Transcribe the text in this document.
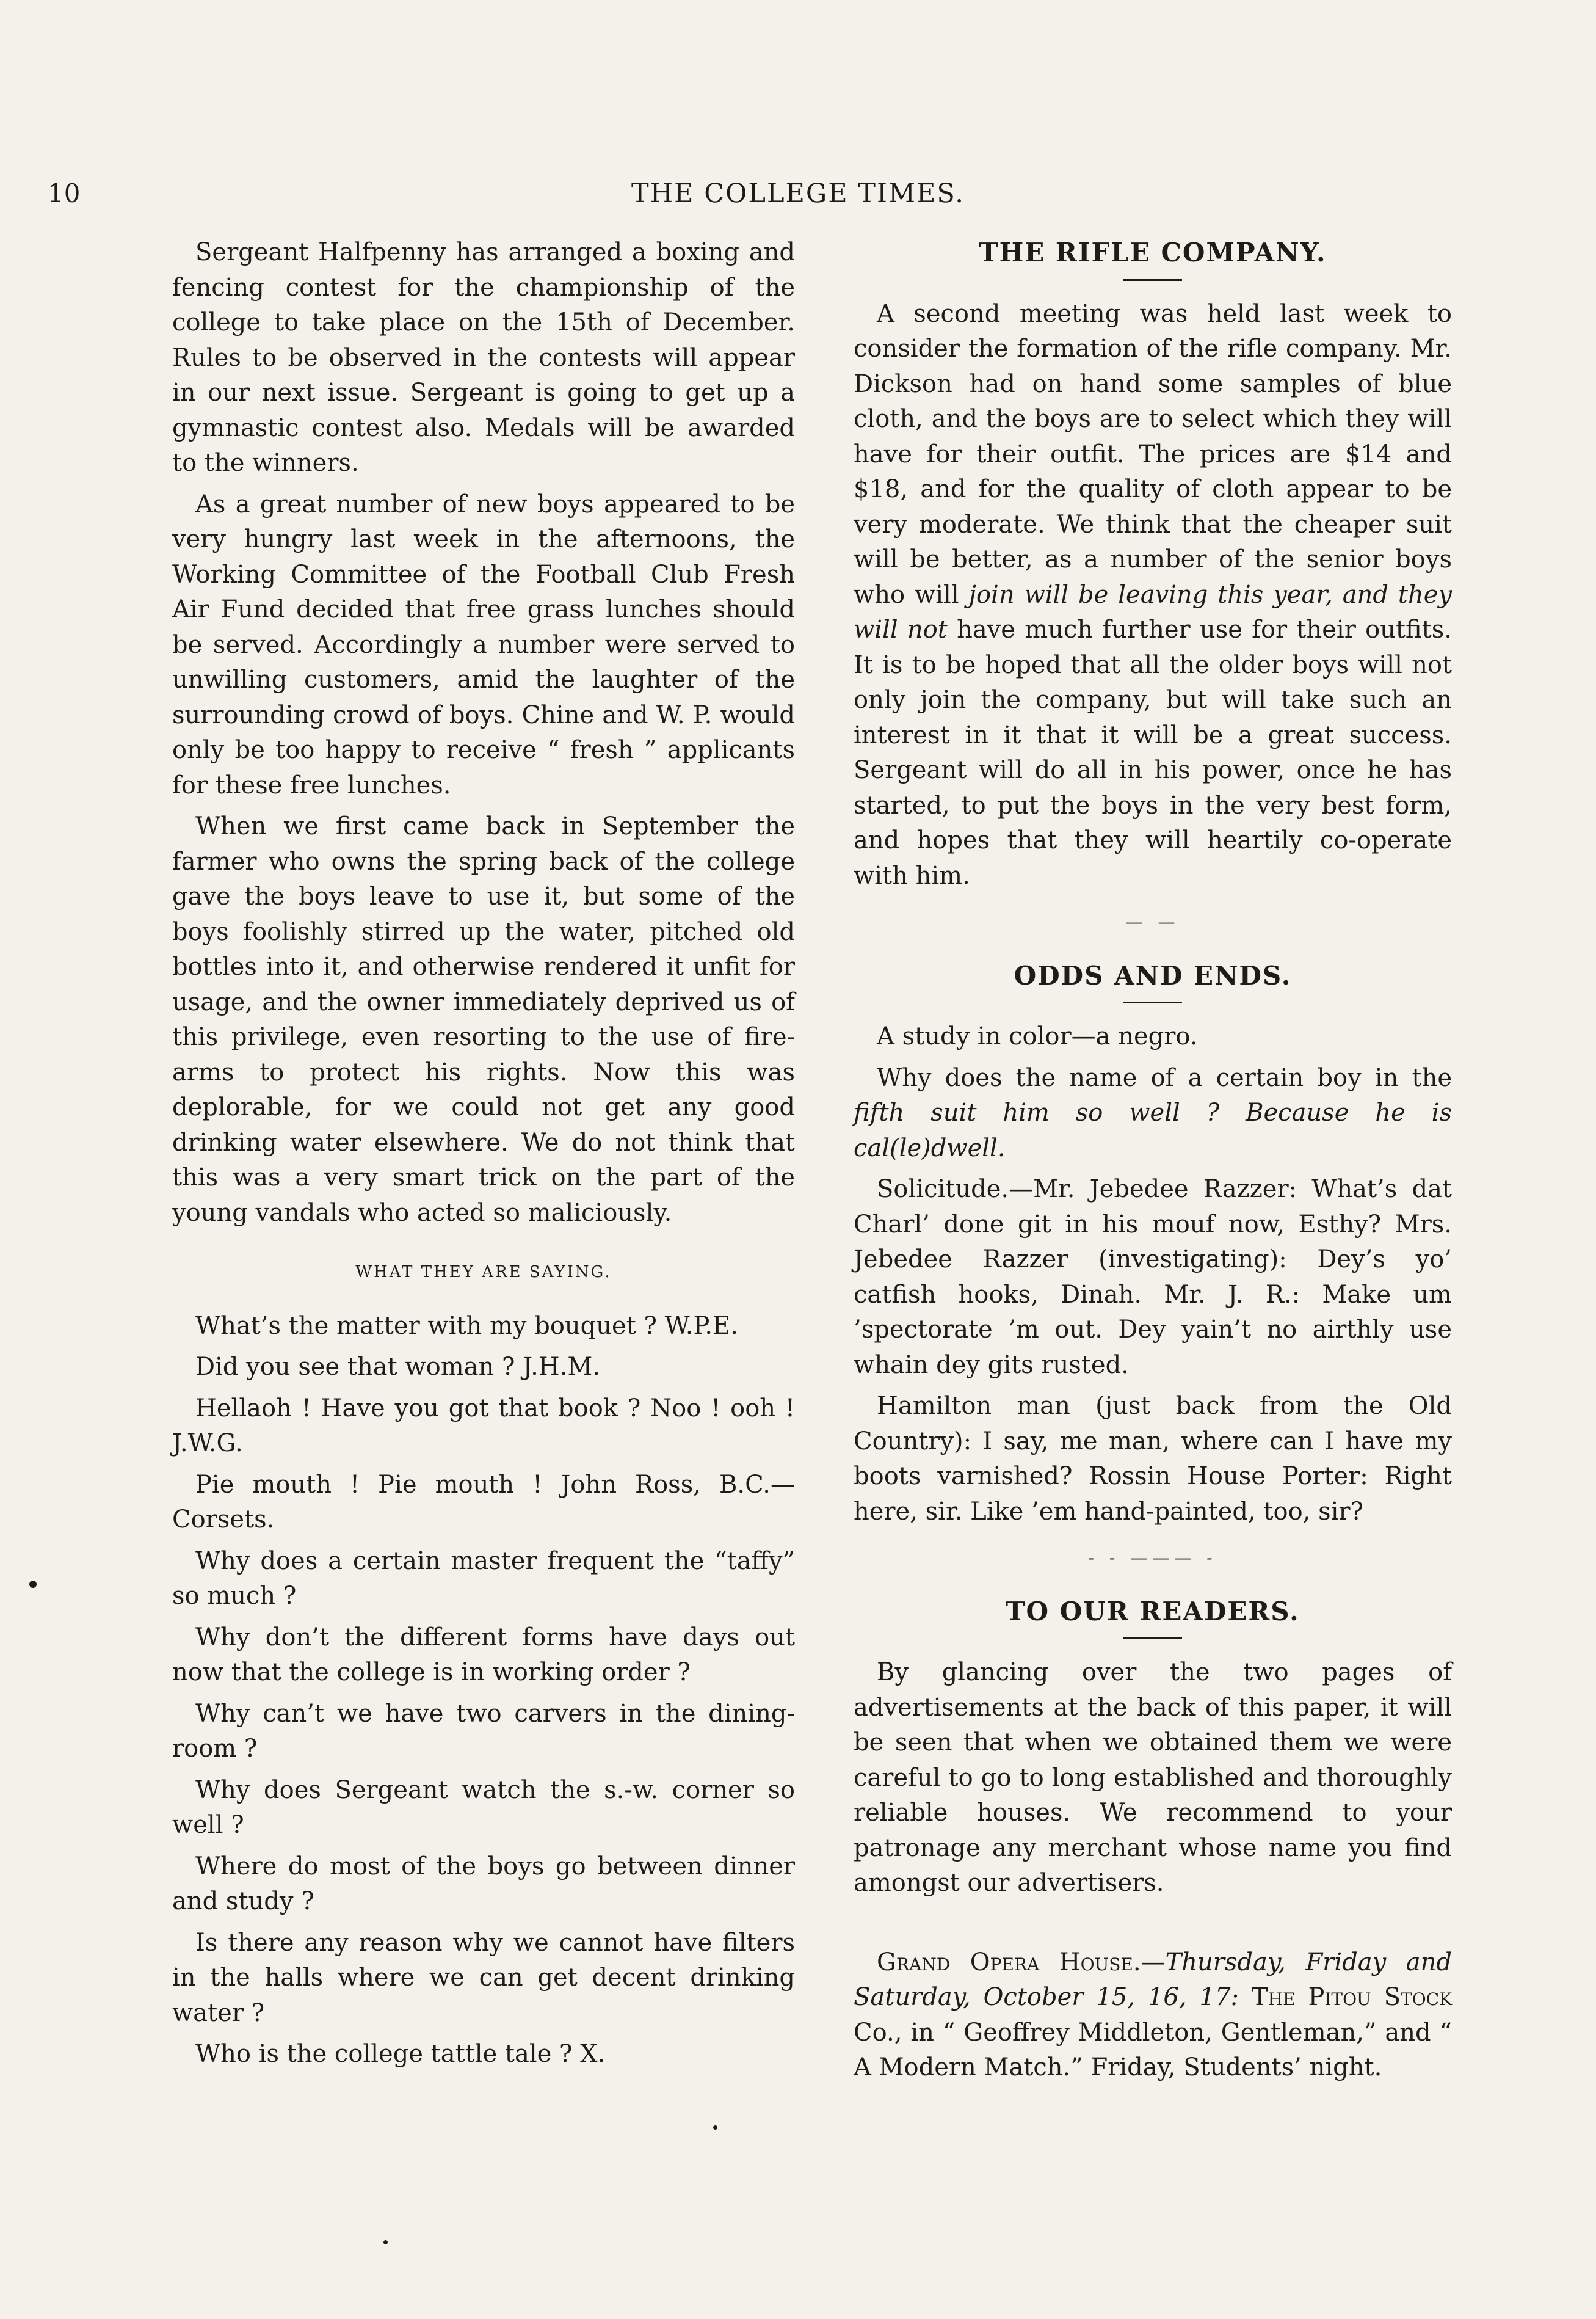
10	THE COLLEGE TIMES.

Sergeant Halfpenny has arranged a boxing and fencing contest for the championship of the college to take place on the 15th of December. Rules to be observed in the contests will appear in our next issue. Sergeant is going to get up a gymnastic contest also. Medals will be awarded to the winners.

As a great number of new boys appeared to be very hungry last week in the afternoons, the Working Committee of the Football Club Fresh Air Fund decided that free grass lunches should be served. Accordingly a number were served to unwilling customers, amid the laughter of the surrounding crowd of boys. Chine and W. P. would only be too happy to receive “ fresh ” applicants for these free lunches.

When we first came back in September the farmer who owns the spring back of the college gave the boys leave to use it, but some of the boys foolishly stirred up the water, pitched old bottles into it, and otherwise rendered it unfit for usage, and the owner immediately deprived us of this privilege, even resorting to the use of fire-arms to protect his rights. Now this was deplorable, for we could not get any good drinking water elsewhere. We do not think that this was a very smart trick on the part of the young vandals who acted so maliciously.

WHAT THEY ARE SAYING.

What’s the matter with my bouquet ? W.P.E.

Did you see that woman ? J.H.M.

Hellaoh ! Have you got that book ? Noo ! ooh ! J.W.G.

Pie mouth ! Pie mouth ! John Ross, B.C.—Corsets.

Why does a certain master frequent the “taffy” so much ?

Why don’t the different forms have days out now that the college is in working order ?

Why can’t we have two carvers in the dining-room ?

Why does Sergeant watch the s.-w. corner so well ?

Where do most of the boys go between dinner and study ?

Is there any reason why we cannot have filters in the halls where we can get decent drinking water ?

Who is the college tattle tale ? X.

THE RIFLE COMPANY.

A second meeting was held last week to consider the formation of the rifle company. Mr. Dickson had on hand some samples of blue cloth, and the boys are to select which they will have for their outfit. The prices are $14 and $18, and for the quality of cloth appear to be very moderate. We think that the cheaper suit will be better, as a number of the senior boys who will join will be leaving this year, and they will not have much further use for their outfits. It is to be hoped that all the older boys will not only join the company, but will take such an interest in it that it will be a great success. Sergeant will do all in his power, once he has started, to put the boys in the very best form, and hopes that they will heartily co-operate with him.

— —
ODDS AND ENDS.

A study in color—a negro.

Why does the name of a certain boy in the fifth suit him so well ? Because he is cal(le)dwell.

Solicitude.—Mr. Jebedee Razzer: What’s dat Charl’ done git in his mouf now, Esthy? Mrs. Jebedee Razzer (investigating): Dey’s yo’ catfish hooks, Dinah. Mr. J. R.: Make um ’spectorate ’m out. Dey yain’t no airthly use whain dey gits rusted.

Hamilton man (just back from the Old Country): I say, me man, where can I have my boots varnished? Rossin House Porter: Right here, sir. Like ’em hand-painted, too, sir?

- - ——— -
TO OUR READERS.

By glancing over the two pages of advertisements at the back of this paper, it will be seen that when we obtained them we were careful to go to long established and thoroughly reliable houses. We recommend to your patronage any merchant whose name you find amongst our advertisers.

Grand Opera House.—Thursday, Friday and Saturday, October 15, 16, 17: The Pitou Stock Co., in “ Geoffrey Middleton, Gentleman,” and “ A Modern Match.” Friday, Students’ night.
